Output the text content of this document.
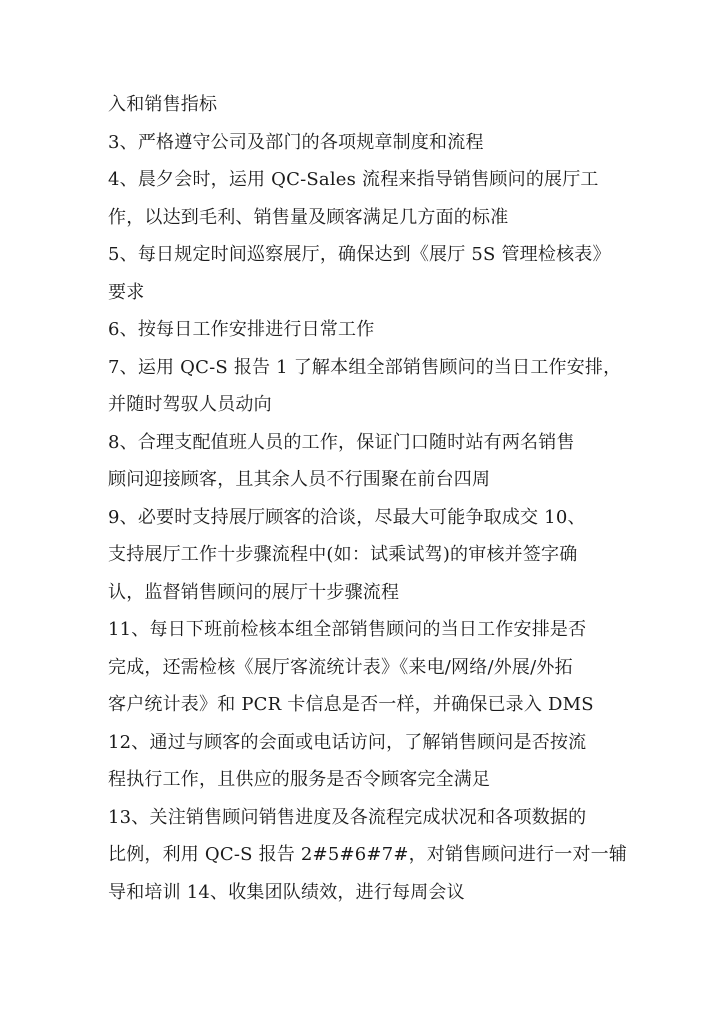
入和销售指标
3、严格遵守公司及部门的各项规章制度和流程
4、晨夕会时，运用 QC-Sales 流程来指导销售顾问的展厅工
作，以达到毛利、销售量及顾客满足几方面的标准
5、每日规定时间巡察展厅，确保达到《展厅 5S 管理检核表》
要求
6、按每日工作安排进行日常工作
7、运用 QC-S 报告 1 了解本组全部销售顾问的当日工作安排，
并随时驾驭人员动向
8、合理支配值班人员的工作，保证门口随时站有两名销售
顾问迎接顾客，且其余人员不行围聚在前台四周
9、必要时支持展厅顾客的洽谈，尽最大可能争取成交 10、
支持展厅工作十步骤流程中(如：试乘试驾)的审核并签字确
认，监督销售顾问的展厅十步骤流程
11、每日下班前检核本组全部销售顾问的当日工作安排是否
完成，还需检核《展厅客流统计表》《来电/网络/外展/外拓
客户统计表》和 PCR 卡信息是否一样，并确保已录入 DMS
12、通过与顾客的会面或电话访问，了解销售顾问是否按流
程执行工作，且供应的服务是否令顾客完全满足
13、关注销售顾问销售进度及各流程完成状况和各项数据的
比例，利用 QC-S 报告 2#5#6#7#，对销售顾问进行一对一辅
导和培训 14、收集团队绩效，进行每周会议
